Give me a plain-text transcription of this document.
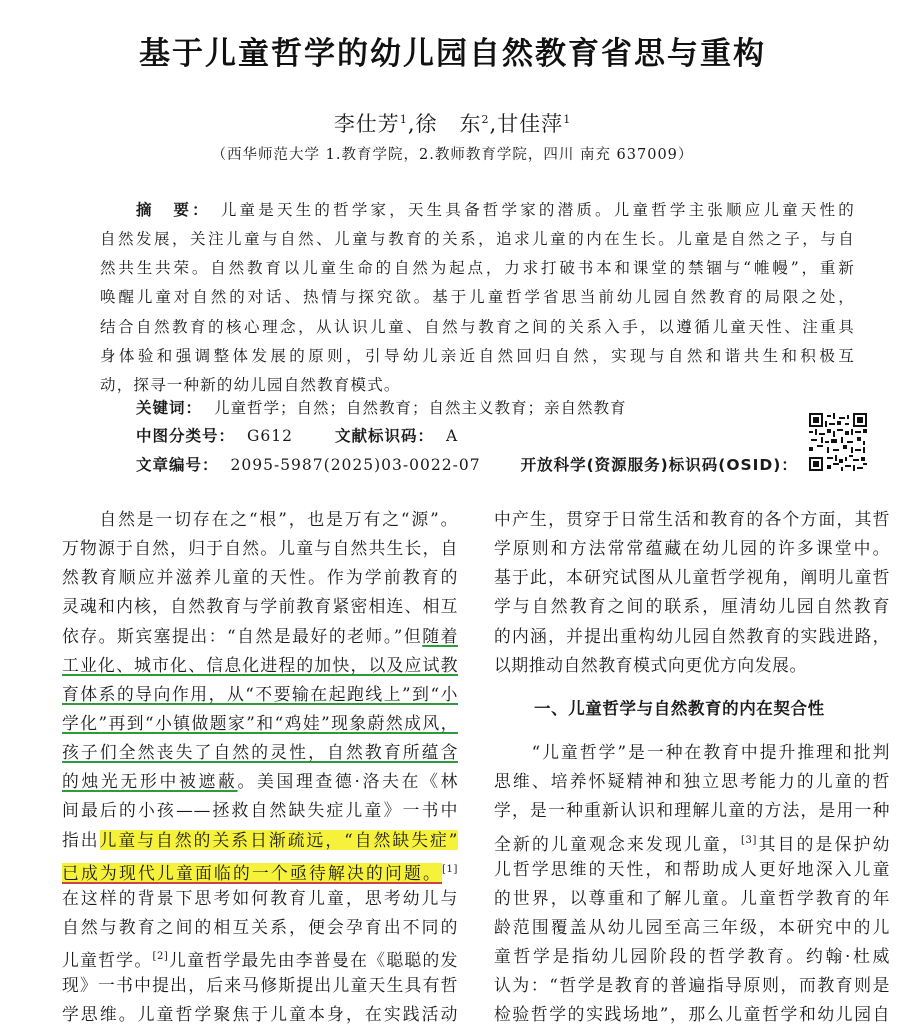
基于儿童哲学的幼儿园自然教育省思与重构
李仕芳$^1$,徐　东$^2$,甘佳萍$^1$
（西华师范大学 1.教育学院，2.教师教育学院，四川 南充 637009）
摘　要： 儿童是天生的哲学家，天生具备哲学家的潜质。儿童哲学主张顺应儿童天性的
自然发展，关注儿童与自然、儿童与教育的关系，追求儿童的内在生长。儿童是自然之子，与自
然共生共荣。自然教育以儿童生命的自然为起点，力求打破书本和课堂的禁锢与“帷幔”，重新
唤醒儿童对自然的对话、热情与探究欲。基于儿童哲学省思当前幼儿园自然教育的局限之处，
结合自然教育的核心理念，从认识儿童、自然与教育之间的关系入手，以遵循儿童天性、注重具
身体验和强调整体发展的原则，引导幼儿亲近自然回归自然，实现与自然和谐共生和积极互
动，探寻一种新的幼儿园自然教育模式。
关键词： 儿童哲学；自然；自然教育；自然主义教育；亲自然教育
中图分类号： G612	文献标识码： A
文章编号： 2095-5987(2025)03-0022-07	开放科学(资源服务)标识码(OSID)：
　　自然是一切存在之“根”，也是万有之“源”。
万物源于自然，归于自然。儿童与自然共生长，自
然教育顺应并滋养儿童的天性。作为学前教育的
灵魂和内核，自然教育与学前教育紧密相连、相互
依存。斯宾塞提出：“自然是最好的老师。”但随着
工业化、城市化、信息化进程的加快，以及应试教
育体系的导向作用，从“不要输在起跑线上”到“小
学化”再到“小镇做题家”和“鸡娃”现象蔚然成风，
孩子们全然丧失了自然的灵性，自然教育所蕴含
的烛光无形中被遮蔽。美国理查德·洛夫在《林
间最后的小孩——拯救自然缺失症儿童》一书中
指出儿童与自然的关系日渐疏远，“自然缺失症”
已成为现代儿童面临的一个亟待解决的问题。[1]
在这样的背景下思考如何教育儿童，思考幼儿与
自然与教育之间的相互关系，便会孕育出不同的
儿童哲学。[2]儿童哲学最先由李普曼在《聪聪的发
现》一书中提出，后来马修斯提出儿童天生具有哲
学思维。儿童哲学聚焦于儿童本身，在实践活动
中产生，贯穿于日常生活和教育的各个方面，其哲
学原则和方法常常蕴藏在幼儿园的许多课堂中。
基于此，本研究试图从儿童哲学视角，阐明儿童哲
学与自然教育之间的联系，厘清幼儿园自然教育
的内涵，并提出重构幼儿园自然教育的实践进路，
以期推动自然教育模式向更优方向发展。
一、儿童哲学与自然教育的内在契合性
　　“儿童哲学”是一种在教育中提升推理和批判
思维、培养怀疑精神和独立思考能力的儿童的哲
学，是一种重新认识和理解儿童的方法，是用一种
全新的儿童观念来发现儿童，[3]其目的是保护幼
儿哲学思维的天性，和帮助成人更好地深入儿童
的世界，以尊重和了解儿童。儿童哲学教育的年
龄范围覆盖从幼儿园至高三年级，本研究中的儿
童哲学是指幼儿园阶段的哲学教育。约翰·杜威
认为：“哲学是教育的普遍指导原则，而教育则是
检验哲学的实践场地”，那么儿童哲学和幼儿园自
